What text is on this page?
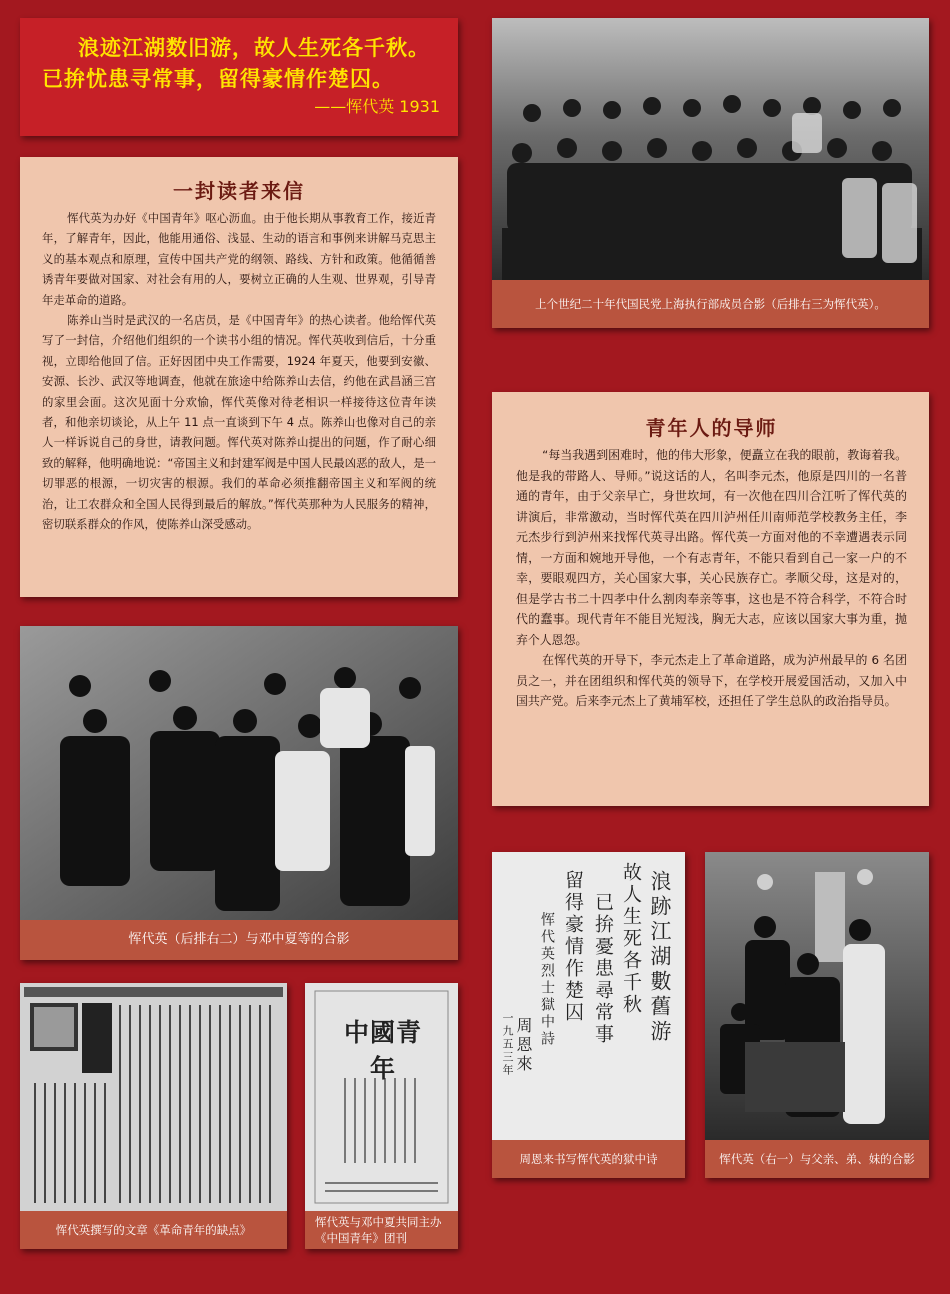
浪迹江湖数旧游，故人生死各千秋。
已拚忧患寻常事，留得豪情作楚囚。
——恽代英 1931
一封读者来信

恽代英为办好《中国青年》呕心沥血。由于他长期从事教育工作，接近青年，了解青年，因此，他能用通俗、浅显、生动的语言和事例来讲解马克思主义的基本观点和原理，宣传中国共产党的纲领、路线、方针和政策。他循循善诱青年要做对国家、对社会有用的人，要树立正确的人生观、世界观，引导青年走革命的道路。

陈养山当时是武汉的一名店员，是《中国青年》的热心读者。他给恽代英写了一封信，介绍他们组织的一个读书小组的情况。恽代英收到信后，十分重视，立即给他回了信。正好因团中央工作需要，1924 年夏天，他要到安徽、安源、长沙、武汉等地调查，他就在旅途中给陈养山去信，约他在武昌涵三宫的家里会面。这次见面十分欢愉，恽代英像对待老相识一样接待这位青年读者，和他亲切谈论，从上午 11 点一直谈到下午 4 点。陈养山也像对自己的亲人一样诉说自己的身世，请教问题。恽代英对陈养山提出的问题，作了耐心细致的解释，他明确地说：“帝国主义和封建军阀是中国人民最凶恶的敌人，是一切罪恶的根源，一切灾害的根源。我们的革命必须推翻帝国主义和军阀的统治，让工农群众和全国人民得到最后的解放。”恽代英那种为人民服务的精神，密切联系群众的作风，使陈养山深受感动。

上个世纪二十年代国民党上海执行部成员合影（后排右三为恽代英）。
青年人的导师

“每当我遇到困难时，他的伟大形象，便矗立在我的眼前，教诲着我。他是我的带路人、导师。”说这话的人，名叫李元杰，他原是四川的一名普通的青年，由于父亲早亡，身世坎坷，有一次他在四川合江听了恽代英的讲演后，非常激动，当时恽代英在四川泸州任川南师范学校教务主任，李元杰步行到泸州来找恽代英寻出路。恽代英一方面对他的不幸遭遇表示同情，一方面和婉地开导他，一个有志青年，不能只看到自己一家一户的不幸，要眼观四方，关心国家大事，关心民族存亡。孝顺父母，这是对的，但是学古书二十四孝中什么割肉奉亲等事，这也是不符合科学，不符合时代的蠢事。现代青年不能目光短浅，胸无大志，应该以国家大事为重，抛弃个人恩怨。

在恽代英的开导下，李元杰走上了革命道路，成为泸州最早的 6 名团员之一，并在团组织和恽代英的领导下，在学校开展爱国活动，又加入中国共产党。后来李元杰上了黄埔军校，还担任了学生总队的政治指导员。

恽代英（后排右二）与邓中夏等的合影
恽代英撰写的文章《革命青年的缺点》
中國青年
恽代英与邓中夏共同主办《中国青年》团刊
浪跡江湖數舊游
故人生死各千秋
已拚憂患尋常事
留得豪情作楚囚
恽代英烈士獄中詩
周恩來
一九五三年
周恩来书写恽代英的狱中诗	恽代英（右一）与父亲、弟、妹的合影
